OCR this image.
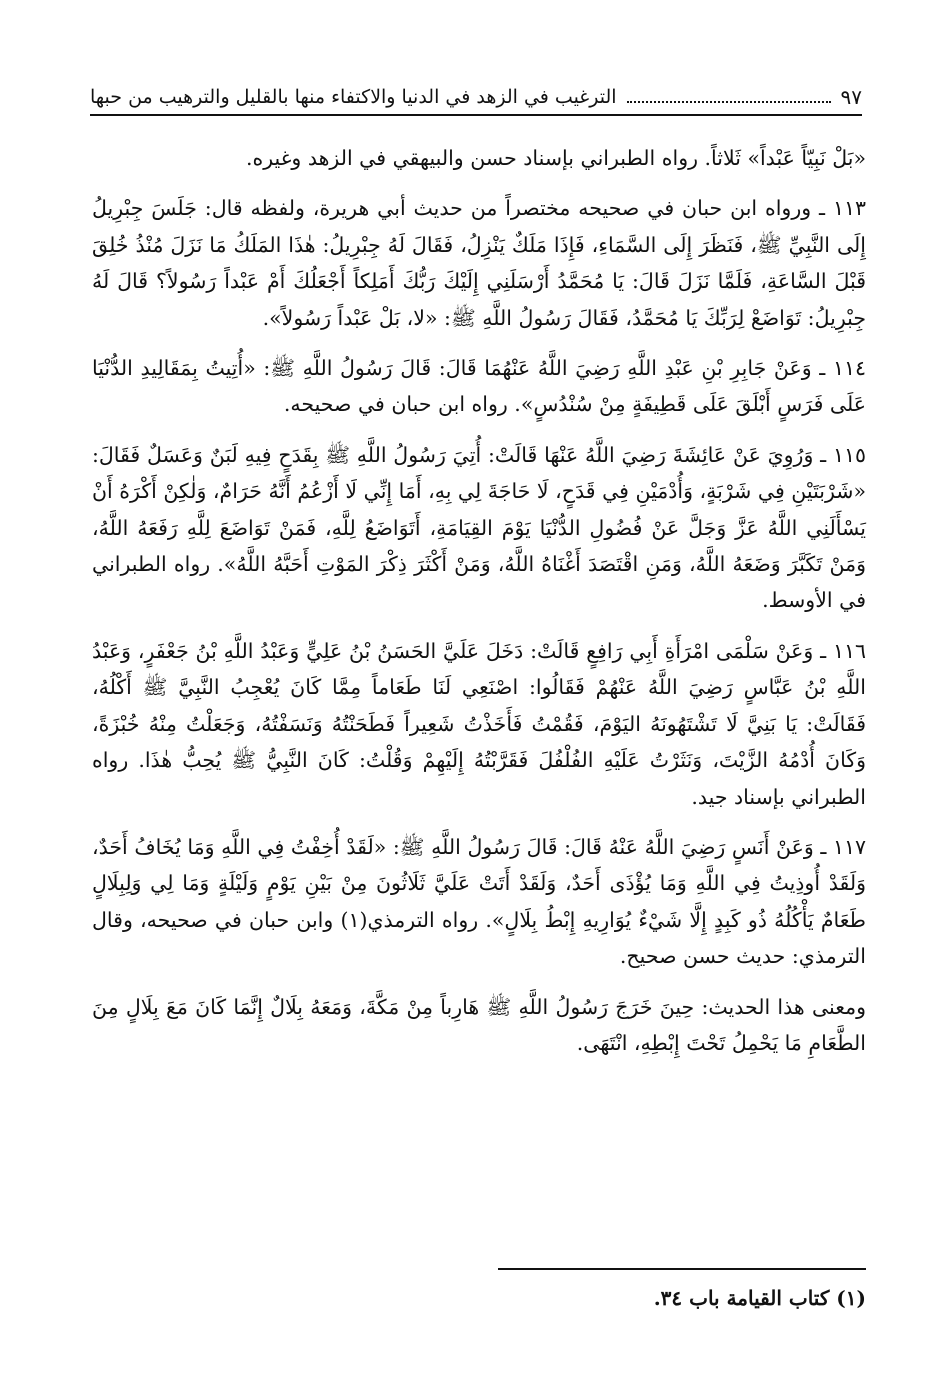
الترغيب في الزهد في الدنيا والاكتفاء منها بالقليل والترهيب من حبها	٩٧

«بَلْ نَبِيّاً عَبْداً» ثَلاثاً. رواه الطبراني بإسناد حسن والبيهقي في الزهد وغيره.

١١٣ ـ ورواه ابن حبان في صحيحه مختصراً من حديث أبي هريرة، ولفظه قال: جَلَسَ جِبْرِيلُ إِلَى النَّبِيِّ ﷺ، فَنَظَرَ إِلَى السَّمَاءِ، فَإِذَا مَلَكٌ يَنْزِلُ، فَقَالَ لَهُ جِبْرِيلُ: هٰذَا المَلَكُ مَا نَزَلَ مُنْذُ خُلِقَ قَبْلَ السَّاعَةِ، فَلَمَّا نَزَلَ قَالَ: يَا مُحَمَّدُ أَرْسَلَنِي إِلَيْكَ رَبُّكَ أَمَلِكاً أَجْعَلُكَ أَمْ عَبْداً رَسُولاً؟ قَالَ لَهُ جِبْرِيلُ: تَوَاضَعْ لِرَبِّكَ يَا مُحَمَّدُ، فَقَالَ رَسُولُ اللَّهِ ﷺ: «لا، بَلْ عَبْداً رَسُولاً».

١١٤ ـ وَعَنْ جَابِرِ بْنِ عَبْدِ اللَّهِ رَضِيَ اللَّهُ عَنْهُمَا قَالَ: قَالَ رَسُولُ اللَّهِ ﷺ: «أُتِيتُ بِمَقَالِيدِ الدُّنْيَا عَلَى فَرَسٍ أَبْلَقَ عَلَى قَطِيفَةٍ مِنْ سُنْدُسٍ». رواه ابن حبان في صحيحه.

١١٥ ـ وَرُوِيَ عَنْ عَائِشَةَ رَضِيَ اللَّهُ عَنْهَا قَالَتْ: أُتِيَ رَسُولُ اللَّهِ ﷺ بِقَدَحٍ فِيهِ لَبَنٌ وَعَسَلٌ فَقَالَ: «شَرْبَتَيْنِ فِي شَرْبَةٍ، وَأُدْمَيْنِ فِي قَدَحٍ، لَا حَاجَةَ لِي بِهِ، أَمَا إِنِّي لَا أَزْعُمُ أَنَّهُ حَرَامٌ، وَلٰكِنْ أَكْرَهُ أَنْ يَسْأَلَنِي اللَّهُ عَزَّ وَجَلَّ عَنْ فُضُولِ الدُّنْيَا يَوْمَ القِيَامَةِ، أَتَوَاضَعُ لِلَّهِ، فَمَنْ تَوَاضَعَ لِلَّهِ رَفَعَهُ اللَّهُ، وَمَنْ تَكَبَّرَ وَضَعَهُ اللَّهُ، وَمَنِ اقْتَصَدَ أَغْنَاهُ اللَّهُ، وَمَنْ أَكْثَرَ ذِكْرَ المَوْتِ أَحَبَّهُ اللَّهُ». رواه الطبراني في الأوسط.

١١٦ ـ وَعَنْ سَلْمَى امْرَأَةِ أَبِي رَافِعٍ قَالَتْ: دَخَلَ عَلَيَّ الحَسَنُ بْنُ عَلِيٍّ وَعَبْدُ اللَّهِ بْنُ جَعْفَرٍ، وَعَبْدُ اللَّهِ بْنُ عَبَّاسٍ رَضِيَ اللَّهُ عَنْهُمْ فَقَالُوا: اصْنَعِي لَنَا طَعَاماً مِمَّا كَانَ يُعْجِبُ النَّبِيَّ ﷺ أَكْلُهُ، فَقَالَتْ: يَا بَنِيَّ لَا تَشْتَهُونَهُ اليَوْمَ، فَقُمْتُ فَأَخَذْتُ شَعِيراً فَطَحَنْتُهُ وَنَسَفْتُهُ، وَجَعَلْتُ مِنْهُ خُبْزَةً، وَكَانَ أُدْمُهُ الزَّيْتَ، وَنَثَرْتُ عَلَيْهِ الفُلْفُلَ فَقَرَّبْتُهُ إِلَيْهِمْ وَقُلْتُ: كَانَ النَّبِيُّ ﷺ يُحِبُّ هٰذَا. رواه الطبراني بإسناد جيد.

١١٧ ـ وَعَنْ أَنَسٍ رَضِيَ اللَّهُ عَنْهُ قَالَ: قَالَ رَسُولُ اللَّهِ ﷺ: «لَقَدْ أُخِفْتُ فِي اللَّهِ وَمَا يُخَافُ أَحَدٌ، وَلَقَدْ أُوذِيتُ فِي اللَّهِ وَمَا يُؤْذَى أَحَدٌ، وَلَقَدْ أَتَتْ عَلَيَّ ثَلَاثُونَ مِنْ بَيْنِ يَوْمٍ وَلَيْلَةٍ وَمَا لِي وَلِبِلَالٍ طَعَامٌ يَأْكُلُهُ ذُو كَبِدٍ إِلَّا شَيْءٌ يُوَارِيهِ إِبْطُ بِلَالٍ». رواه الترمذي(١) وابن حبان في صحيحه، وقال الترمذي: حديث حسن صحيح.

ومعنى هذا الحديث: حِينَ خَرَجَ رَسُولُ اللَّهِ ﷺ هَارِباً مِنْ مَكَّةَ، وَمَعَهُ بِلَالٌ إِنَّمَا كَانَ مَعَ بِلَالٍ مِنَ الطَّعَامِ مَا يَحْمِلُ تَحْتَ إِبْطِهِ، انْتَهَى.

(١) كتاب القيامة باب ٣٤.
